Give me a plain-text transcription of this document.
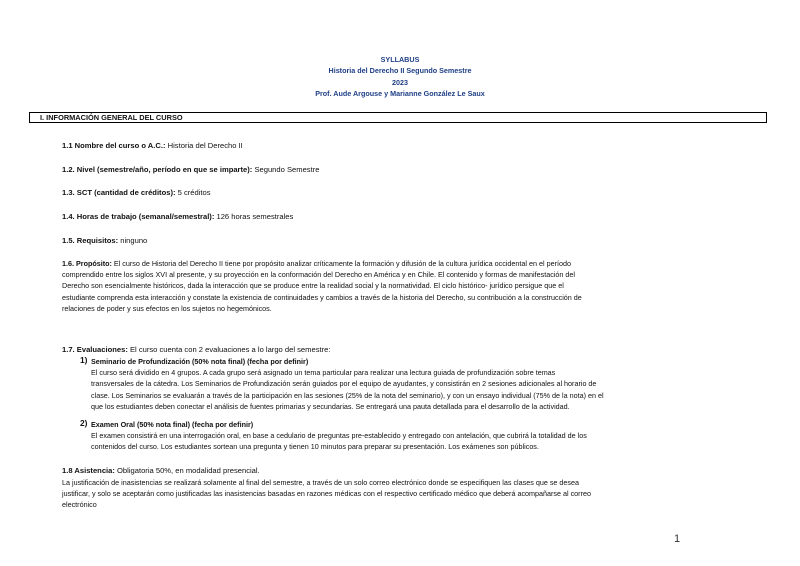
SYLLABUS
Historia del Derecho II Segundo Semestre
2023
Prof. Aude Argouse y Marianne González Le Saux
I. INFORMACIÓN GENERAL DEL CURSO
1.1 Nombre del curso o A.C.: Historia del Derecho II
1.2. Nivel (semestre/año, período en que se imparte): Segundo Semestre
1.3. SCT (cantidad de créditos): 5 créditos
1.4. Horas de trabajo (semanal/semestral): 126 horas semestrales
1.5. Requisitos: ninguno
1.6. Propósito: El curso de Historia del Derecho II tiene por propósito analizar críticamente la formación y difusión de la cultura jurídica occidental en el período
comprendido entre los siglos XVI al presente, y su proyección en la conformación del Derecho en América y en Chile. El contenido y formas de manifestación del
Derecho son esencialmente históricos, dada la interacción que se produce entre la realidad social y la normatividad. El ciclo histórico- jurídico persigue que el
estudiante comprenda esta interacción y constate la existencia de continuidades y cambios a través de la historia del Derecho, su contribución a la construcción de
relaciones de poder y sus efectos en los sujetos no hegemónicos.
1.7. Evaluaciones: El curso cuenta con 2 evaluaciones a lo largo del semestre:
1) Seminario de Profundización (50% nota final) (fecha por definir)
El curso será dividido en 4 grupos. A cada grupo será asignado un tema particular para realizar una lectura guiada de profundización sobre temas
transversales de la cátedra. Los Seminarios de Profundización serán guiados por el equipo de ayudantes, y consistirán en 2 sesiones adicionales al horario de
clase. Los Seminarios se evaluarán a través de la participación en las sesiones (25% de la nota del seminario), y con un ensayo individual (75% de la nota) en el
que los estudiantes deben conectar el análisis de fuentes primarias y secundarias. Se entregará una pauta detallada para el desarrollo de la actividad.
2) Examen Oral (50% nota final) (fecha por definir)
El examen consistirá en una interrogación oral, en base a cedulario de preguntas pre-establecido y entregado con antelación, que cubrirá la totalidad de los
contenidos del curso. Los estudiantes sortean una pregunta y tienen 10 minutos para preparar su presentación. Los exámenes son públicos.
1.8 Asistencia: Obligatoria 50%, en modalidad presencial.
La justificación de inasistencias se realizará solamente al final del semestre, a través de un solo correo electrónico donde se especifiquen las clases que se desea
justificar, y solo se aceptarán como justificadas las inasistencias basadas en razones médicas con el respectivo certificado médico que deberá acompañarse al correo
electrónico
1
